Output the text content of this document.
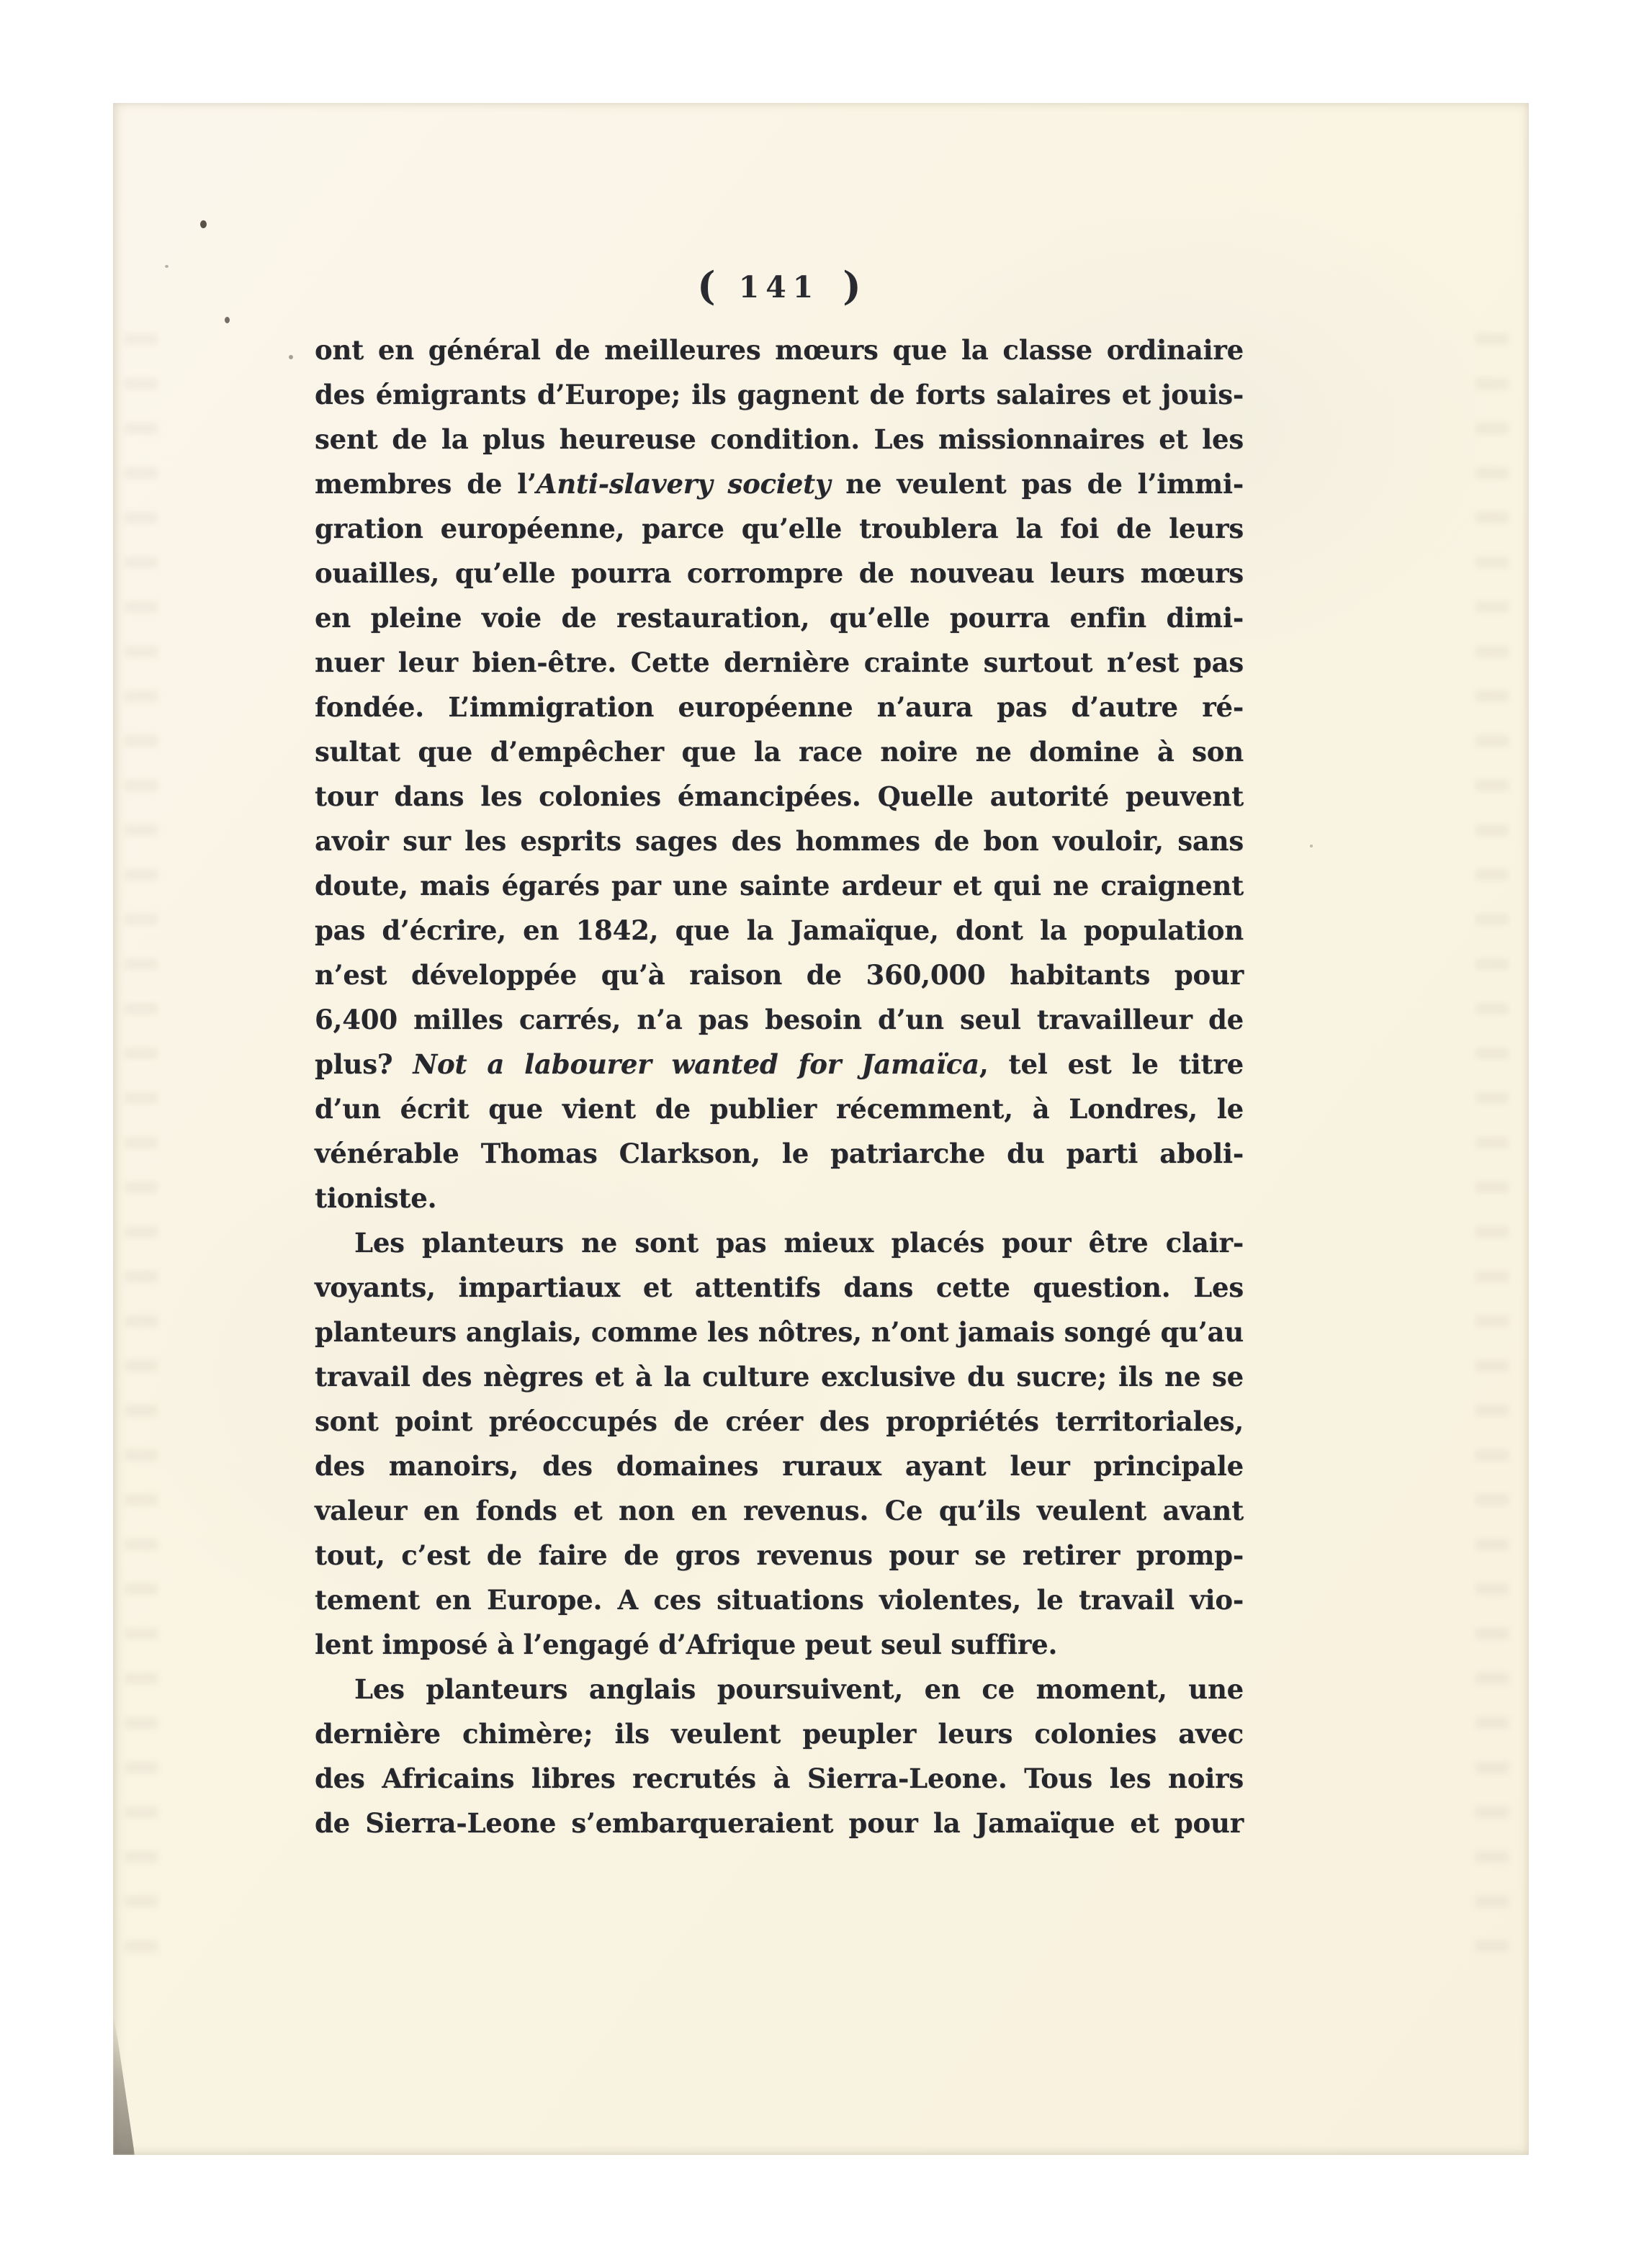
( 141 )
ont en général de meilleures mœurs que la classe ordinaire
des émigrants d’Europe; ils gagnent de forts salaires et jouis-
sent de la plus heureuse condition. Les missionnaires et les
membres de l’Anti-slavery society ne veulent pas de l’immi-
gration européenne, parce qu’elle troublera la foi de leurs
ouailles, qu’elle pourra corrompre de nouveau leurs mœurs
en pleine voie de restauration, qu’elle pourra enfin dimi-
nuer leur bien-être. Cette dernière crainte surtout n’est pas
fondée. L’immigration européenne n’aura pas d’autre ré-
sultat que d’empêcher que la race noire ne domine à son
tour dans les colonies émancipées. Quelle autorité peuvent
avoir sur les esprits sages des hommes de bon vouloir, sans
doute, mais égarés par une sainte ardeur et qui ne craignent
pas d’écrire, en 1842, que la Jamaïque, dont la population
n’est développée qu’à raison de 360,000 habitants pour
6,400 milles carrés, n’a pas besoin d’un seul travailleur de
plus? Not a labourer wanted for Jamaïca, tel est le titre
d’un écrit que vient de publier récemment, à Londres, le
vénérable Thomas Clarkson, le patriarche du parti aboli-
tioniste.
Les planteurs ne sont pas mieux placés pour être clair-
voyants, impartiaux et attentifs dans cette question. Les
planteurs anglais, comme les nôtres, n’ont jamais songé qu’au
travail des nègres et à la culture exclusive du sucre; ils ne se
sont point préoccupés de créer des propriétés territoriales,
des manoirs, des domaines ruraux ayant leur principale
valeur en fonds et non en revenus. Ce qu’ils veulent avant
tout, c’est de faire de gros revenus pour se retirer promp-
tement en Europe. A ces situations violentes, le travail vio-
lent imposé à l’engagé d’Afrique peut seul suffire.
Les planteurs anglais poursuivent, en ce moment, une
dernière chimère; ils veulent peupler leurs colonies avec
des Africains libres recrutés à Sierra-Leone. Tous les noirs
de Sierra-Leone s’embarqueraient pour la Jamaïque et pour
